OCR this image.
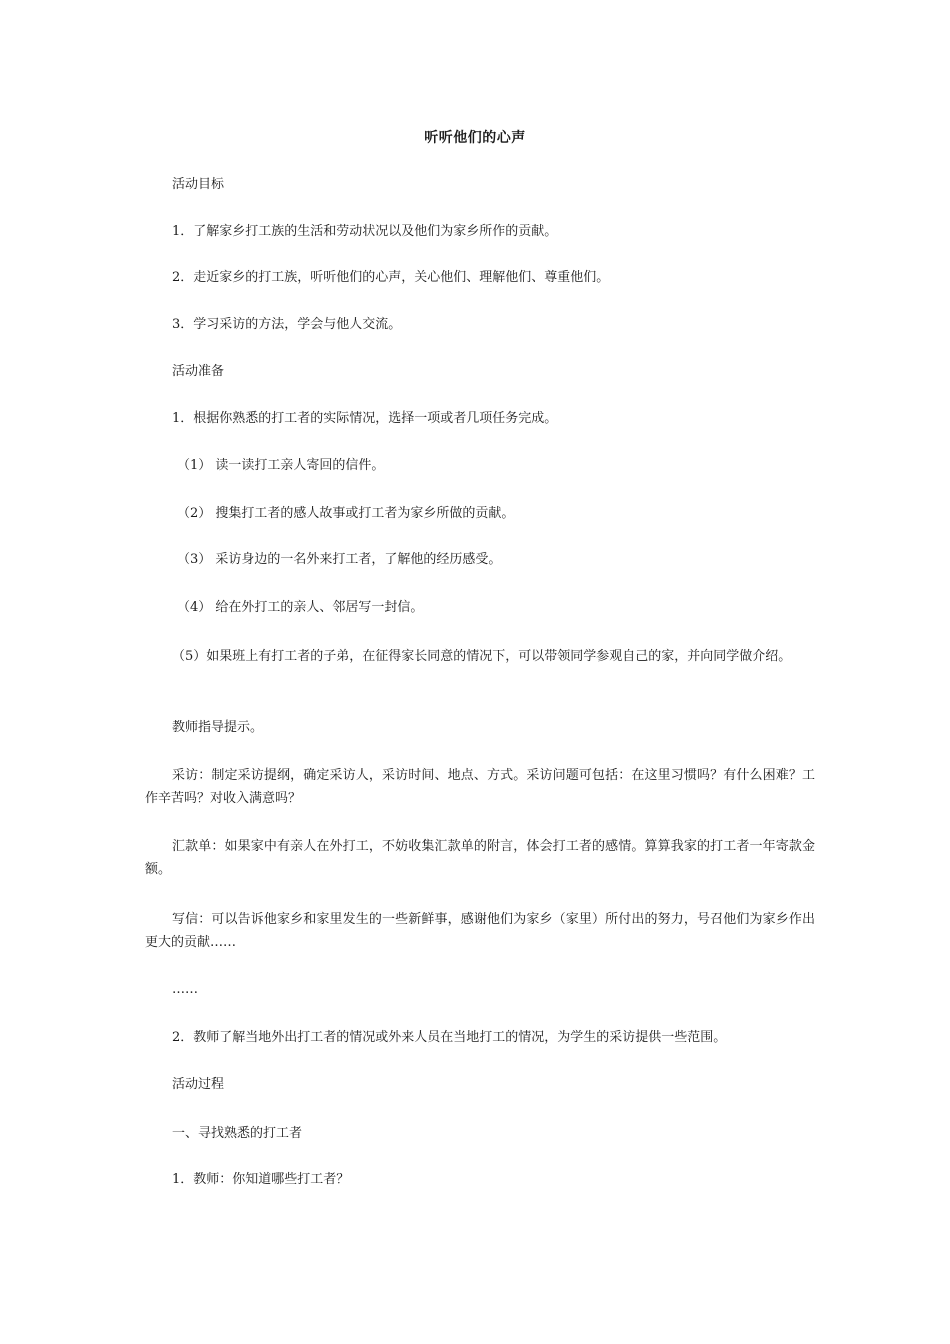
听听他们的心声
活动目标
1．了解家乡打工族的生活和劳动状况以及他们为家乡所作的贡献。
2．走近家乡的打工族，听听他们的心声，关心他们、理解他们、尊重他们。
3．学习采访的方法，学会与他人交流。
活动准备
1．根据你熟悉的打工者的实际情况，选择一项或者几项任务完成。
（1） 读一读打工亲人寄回的信件。
（2） 搜集打工者的感人故事或打工者为家乡所做的贡献。
（3） 采访身边的一名外来打工者，了解他的经历感受。
（4） 给在外打工的亲人、邻居写一封信。
（5）如果班上有打工者的子弟，在征得家长同意的情况下，可以带领同学参观自己的家，并向同学做介绍。
教师指导提示。
采访：制定采访提纲，确定采访人，采访时间、地点、方式。采访问题可包括：在这里习惯吗？有什么困难？工作辛苦吗？对收入满意吗？
汇款单：如果家中有亲人在外打工，不妨收集汇款单的附言，体会打工者的感情。算算我家的打工者一年寄款金额。
写信：可以告诉他家乡和家里发生的一些新鲜事，感谢他们为家乡（家里）所付出的努力，号召他们为家乡作出更大的贡献……
……
2．教师了解当地外出打工者的情况或外来人员在当地打工的情况，为学生的采访提供一些范围。
活动过程
一、寻找熟悉的打工者
1．教师：你知道哪些打工者？
